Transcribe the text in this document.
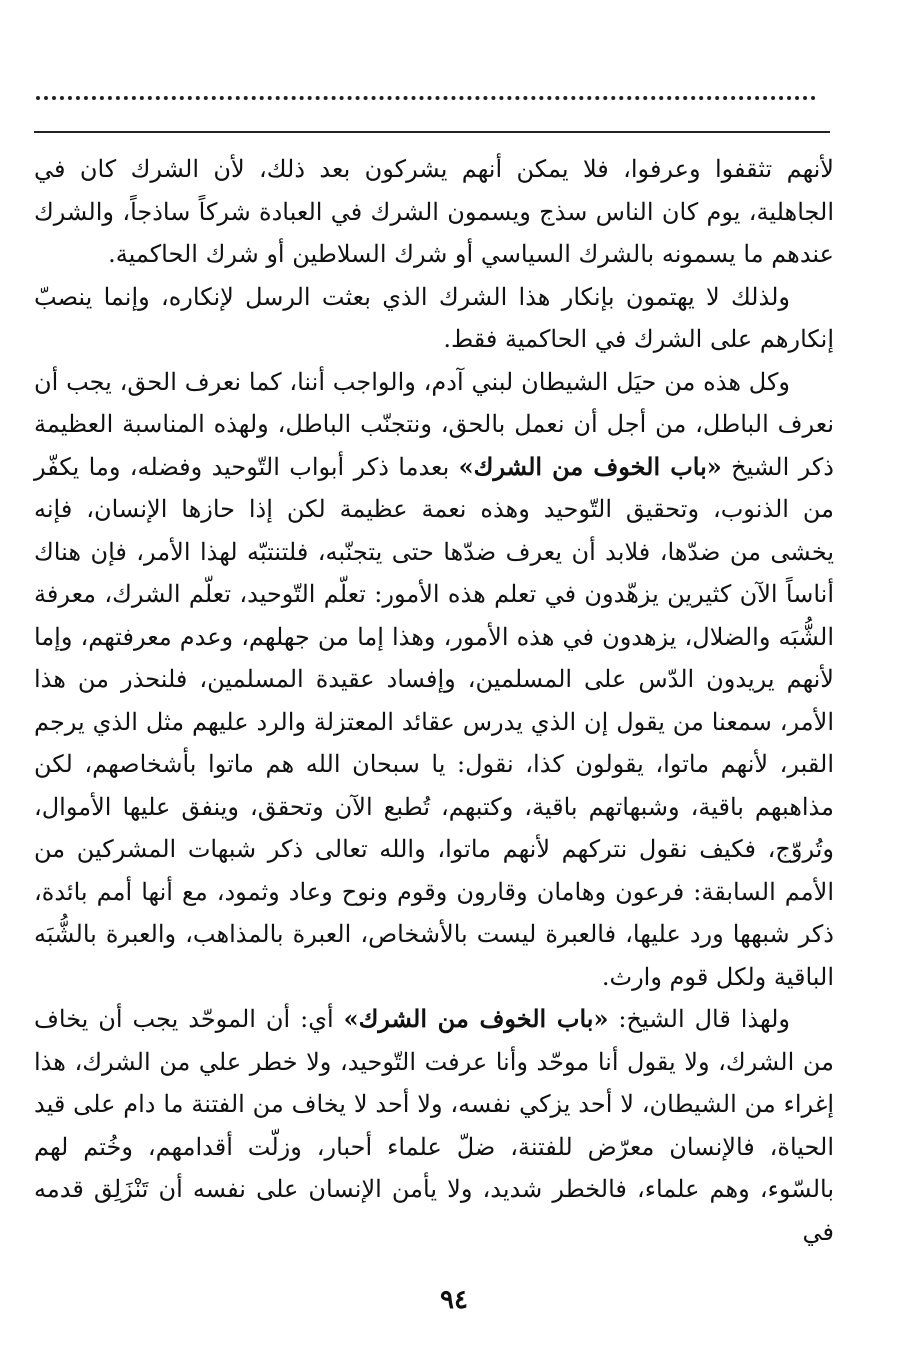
لأنهم تثقفوا وعرفوا، فلا يمكن أنهم يشركون بعد ذلك، لأن الشرك كان في الجاهلية، يوم كان الناس سذج ويسمون الشرك في العبادة شركاً ساذجاً، والشرك عندهم ما يسمونه بالشرك السياسي أو شرك السلاطين أو شرك الحاكمية.

ولذلك لا يهتمون بإنكار هذا الشرك الذي بعثت الرسل لإنكاره، وإنما ينصبّ إنكارهم على الشرك في الحاكمية فقط.

وكل هذه من حيَل الشيطان لبني آدم، والواجب أننا، كما نعرف الحق، يجب أن نعرف الباطل، من أجل أن نعمل بالحق، ونتجنّب الباطل، ولهذه المناسبة العظيمة ذكر الشيخ «باب الخوف من الشرك» بعدما ذكر أبواب التّوحيد وفضله، وما يكفّر من الذنوب، وتحقيق التّوحيد وهذه نعمة عظيمة لكن إذا حازها الإنسان، فإنه يخشى من ضدّها، فلابد أن يعرف ضدّها حتى يتجنّبه، فلتنتبّه لهذا الأمر، فإن هناك أناساً الآن كثيرين يزهّدون في تعلم هذه الأمور: تعلّم التّوحيد، تعلّم الشرك، معرفة الشُّبَه والضلال، يزهدون في هذه الأمور، وهذا إما من جهلهم، وعدم معرفتهم، وإما لأنهم يريدون الدّس على المسلمين، وإفساد عقيدة المسلمين، فلنحذر من هذا الأمر، سمعنا من يقول إن الذي يدرس عقائد المعتزلة والرد عليهم مثل الذي يرجم القبر، لأنهم ماتوا، يقولون كذا، نقول: يا سبحان الله هم ماتوا بأشخاصهم، لكن مذاهبهم باقية، وشبهاتهم باقية، وكتبهم، تُطبع الآن وتحقق، وينفق عليها الأموال، وتُروّج، فكيف نقول نتركهم لأنهم ماتوا، والله تعالى ذكر شبهات المشركين من الأمم السابقة: فرعون وهامان وقارون وقوم ونوح وعاد وثمود، مع أنها أمم بائدة، ذكر شبهها ورد عليها، فالعبرة ليست بالأشخاص، العبرة بالمذاهب، والعبرة بالشُّبَه الباقية ولكل قوم وارث.

ولهذا قال الشيخ: «باب الخوف من الشرك» أي: أن الموحّد يجب أن يخاف من الشرك، ولا يقول أنا موحّد وأنا عرفت التّوحيد، ولا خطر علي من الشرك، هذا إغراء من الشيطان، لا أحد يزكي نفسه، ولا أحد لا يخاف من الفتنة ما دام على قيد الحياة، فالإنسان معرّض للفتنة، ضلّ علماء أحبار، وزلّت أقدامهم، وخُتم لهم بالسّوء، وهم علماء، فالخطر شديد، ولا يأمن الإنسان على نفسه أن تَنْزَلِق قدمه في

٩٤
